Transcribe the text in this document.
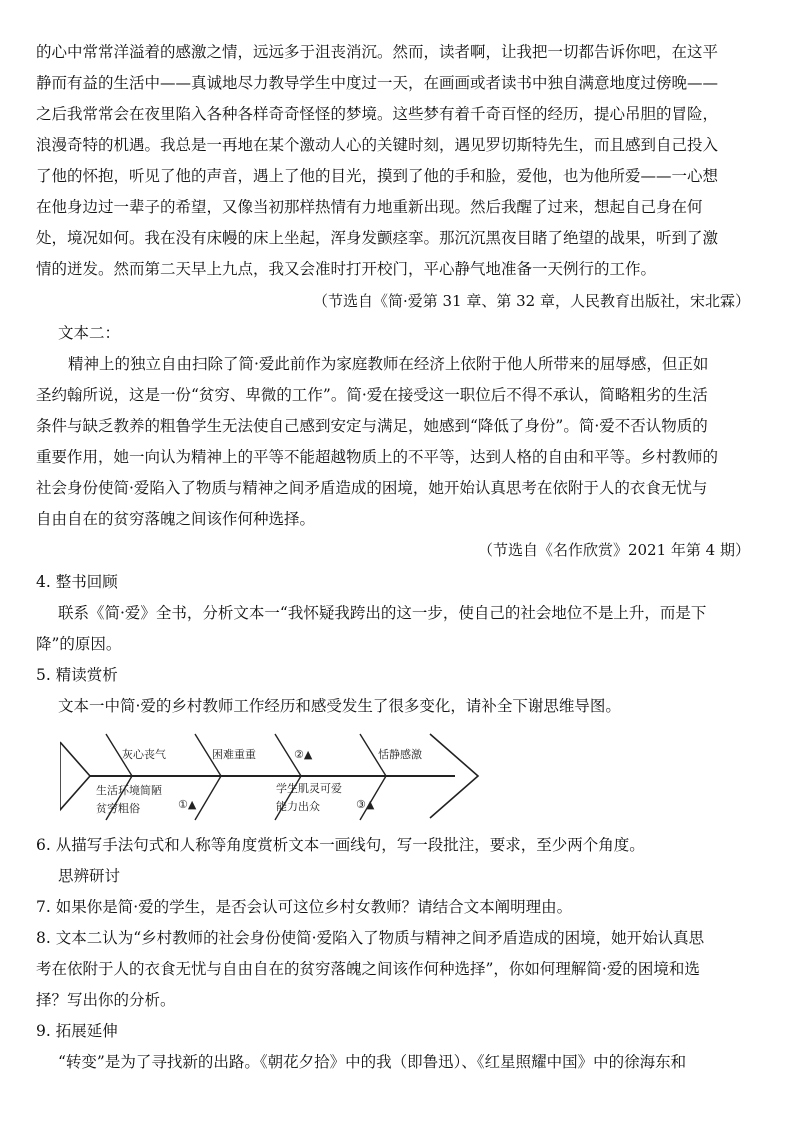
的心中常常洋溢着的感激之情，远远多于沮丧消沉。然而，读者啊，让我把一切都告诉你吧，在这平
静而有益的生活中——真诚地尽力教导学生中度过一天，在画画或者读书中独自满意地度过傍晚——
之后我常常会在夜里陷入各种各样奇奇怪怪的梦境。这些梦有着千奇百怪的经历，提心吊胆的冒险，
浪漫奇特的机遇。我总是一再地在某个激动人心的关键时刻，遇见罗切斯特先生，而且感到自己投入
了他的怀抱，听见了他的声音，遇上了他的目光，摸到了他的手和脸，爱他，也为他所爱——一心想
在他身边过一辈子的希望，又像当初那样热情有力地重新出现。然后我醒了过来，想起自己身在何
处，境况如何。我在没有床幔的床上坐起，浑身发颤痉挛。那沉沉黑夜目睹了绝望的战果，听到了激
情的迸发。然而第二天早上九点，我又会准时打开校门，平心静气地准备一天例行的工作。
（节选自《简·爱第 31 章、第 32 章，人民教育出版社，宋北霖）
文本二：
精神上的独立自由扫除了简·爱此前作为家庭教师在经济上依附于他人所带来的屈辱感，但正如
圣约翰所说，这是一份“贫穷、卑微的工作”。简·爱在接受这一职位后不得不承认，简略粗劣的生活
条件与缺乏教养的粗鲁学生无法使自己感到安定与满足，她感到“降低了身份”。简·爱不否认物质的
重要作用，她一向认为精神上的平等不能超越物质上的不平等，达到人格的自由和平等。乡村教师的
社会身份使简·爱陷入了物质与精神之间矛盾造成的困境，她开始认真思考在依附于人的衣食无忧与
自由自在的贫穷落魄之间该作何种选择。
（节选自《名作欣赏》2021 年第 4 期）
4. 整书回顾
联系《简·爱》全书，分析文本一“我怀疑我跨出的这一步，使自己的社会地位不是上升，而是下
降”的原因。
5. 精读赏析
文本一中简·爱的乡村教师工作经历和感受发生了很多变化，请补全下谢思维导图。
灰心丧气	困难重重	②▲	恬静感激
生活环境简陋
贫穷粗俗	①▲
学生肌灵可爱
能力出众	③▲
6. 从描写手法句式和人称等角度赏析文本一画线句，写一段批注，要求，至少两个角度。
思辨研讨
7. 如果你是简·爱的学生，是否会认可这位乡村女教师？请结合文本阐明理由。
8. 文本二认为“乡村教师的社会身份使简·爱陷入了物质与精神之间矛盾造成的困境，她开始认真思
考在依附于人的衣食无忧与自由自在的贫穷落魄之间该作何种选择”，你如何理解简·爱的困境和选
择？写出你的分析。
9. 拓展延伸
“转变”是为了寻找新的出路。《朝花夕拾》中的我（即鲁迅）、《红星照耀中国》中的徐海东和
